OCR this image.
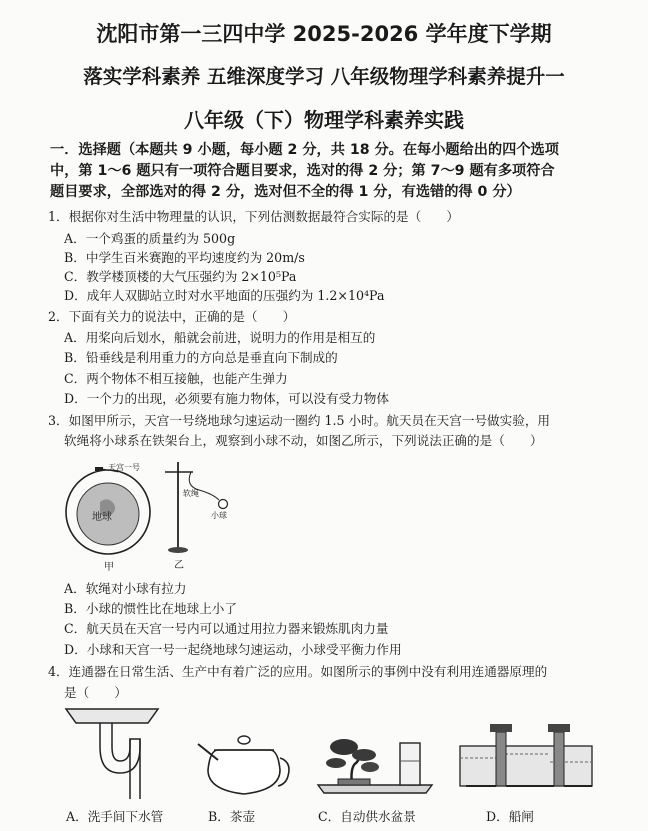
沈阳市第一三四中学 2025-2026 学年度下学期
落实学科素养 五维深度学习 八年级物理学科素养提升一
八年级（下）物理学科素养实践
一．选择题（本题共 9 小题，每小题 2 分，共 18 分。在每小题给出的四个选项
中，第 1～6 题只有一项符合题目要求，选对的得 2 分；第 7～9 题有多项符合
题目要求，全部选对的得 2 分，选对但不全的得 1 分，有选错的得 0 分）
1．根据你对生活中物理量的认识，下列估测数据最符合实际的是（　　）
A．一个鸡蛋的质量约为 500g
B．中学生百米赛跑的平均速度约为 20m/s
C．教学楼顶楼的大气压强约为 2×10⁵Pa
D．成年人双脚站立时对水平地面的压强约为 1.2×10⁴Pa
2．下面有关力的说法中，正确的是（　　）
A．用桨向后划水，船就会前进，说明力的作用是相互的
B．铅垂线是利用重力的方向总是垂直向下制成的
C．两个物体不相互接触，也能产生弹力
D．一个力的出现，必须要有施力物体，可以没有受力物体
3．如图甲所示，天宫一号绕地球匀速运动一圈约 1.5 小时。航天员在天宫一号做实验，用
软绳将小球系在铁架台上，观察到小球不动，如图乙所示，下列说法正确的是（　　）
天宫一号
地球
甲
软绳
小球
乙
A．软绳对小球有拉力
B．小球的惯性比在地球上小了
C．航天员在天宫一号内可以通过用拉力器来锻炼肌肉力量
D．小球和天宫一号一起绕地球匀速运动，小球受平衡力作用
4．连通器在日常生活、生产中有着广泛的应用。如图所示的事例中没有利用连通器原理的
是（　　）
A．洗手间下水管	B．茶壶	C．自动供水盆景	D．船闸
